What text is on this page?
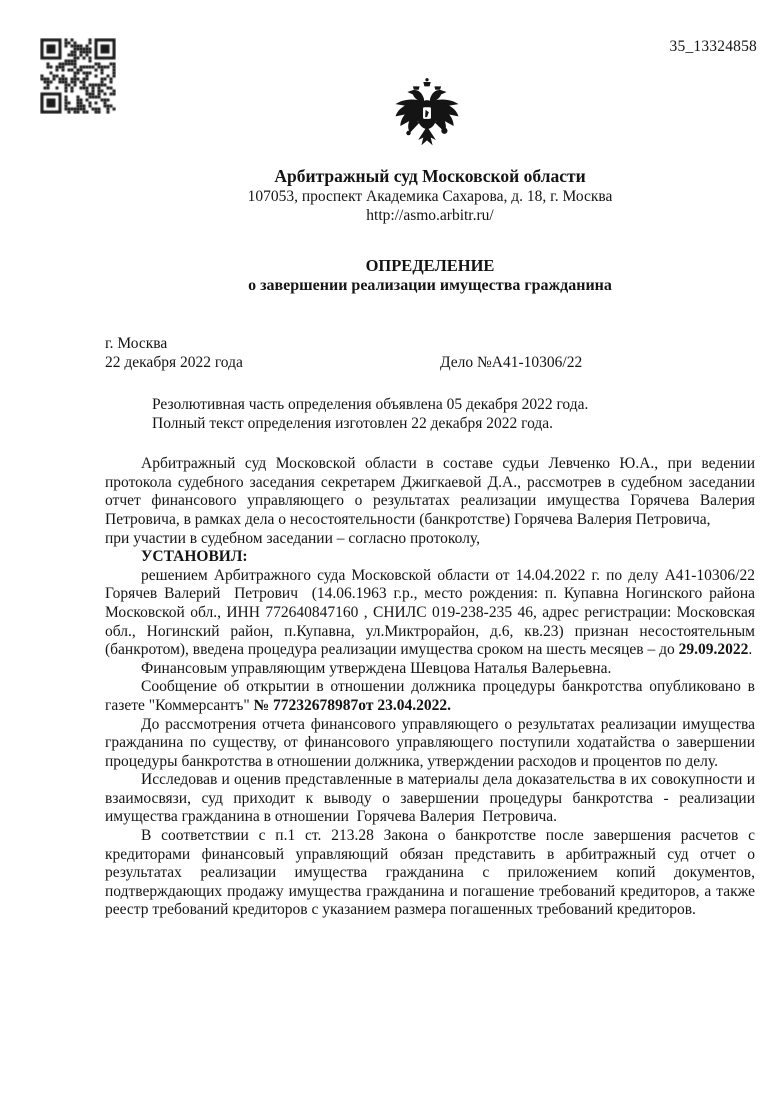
35_13324858
Арбитражный суд Московской области
107053, проспект Академика Сахарова, д. 18, г. Москва
http://asmo.arbitr.ru/
ОПРЕДЕЛЕНИЕ
о завершении реализации имущества гражданина
г. Москва
22 декабря 2022 года	Дело №А41-10306/22
Резолютивная часть определения объявлена 05 декабря 2022 года.
Полный текст определения изготовлен 22 декабря 2022 года.

Арбитражный суд Московской области в составе судьи Левченко Ю.А., при ведении протокола судебного заседания секретарем Джигкаевой Д.А., рассмотрев в судебном заседании  отчет финансового управляющего о результатах реализации имущества Горячева Валерия  Петровича, в рамках дела о несостоятельности (банкротстве) Горячева Валерия Петровича,

при участии в судебном заседании – согласно протоколу,

УСТАНОВИЛ:

решением Арбитражного суда Московской области от 14.04.2022 г. по делу А41-10306/22 Горячев Валерий  Петрович  (14.06.1963 г.р., место рождения: п. Купавна Ногинского района Московской обл., ИНН 772640847160 , СНИЛС 019-238-235 46, адрес регистрации: Московская обл., Ногинский район, п.Купавна, ул.Миктрорайон, д.6, кв.23) признан несостоятельным (банкротом), введена процедура реализации имущества сроком на шесть месяцев – до 29.09.2022.

Финансовым управляющим утверждена Шевцова Наталья Валерьевна.

Сообщение об открытии в отношении должника процедуры банкротства опубликовано в газете "Коммерсантъ" № 77232678987от 23.04.2022.

До рассмотрения отчета финансового управляющего о результатах реализации имущества гражданина по существу, от финансового управляющего поступили ходатайства о завершении процедуры банкротства в отношении должника, утверждении расходов и процентов по делу.

Исследовав и оценив представленные в материалы дела доказательства в их совокупности и взаимосвязи, суд приходит к выводу о завершении процедуры банкротства - реализации имущества гражданина в отношении  Горячева Валерия  Петровича.

В соответствии с п.1 ст. 213.28 Закона о банкротстве после завершения расчетов с кредиторами финансовый управляющий обязан представить в арбитражный суд отчет о результатах реализации имущества гражданина с приложением копий документов, подтверждающих продажу имущества гражданина и погашение требований кредиторов, а также реестр требований кредиторов с указанием размера погашенных требований кредиторов.
